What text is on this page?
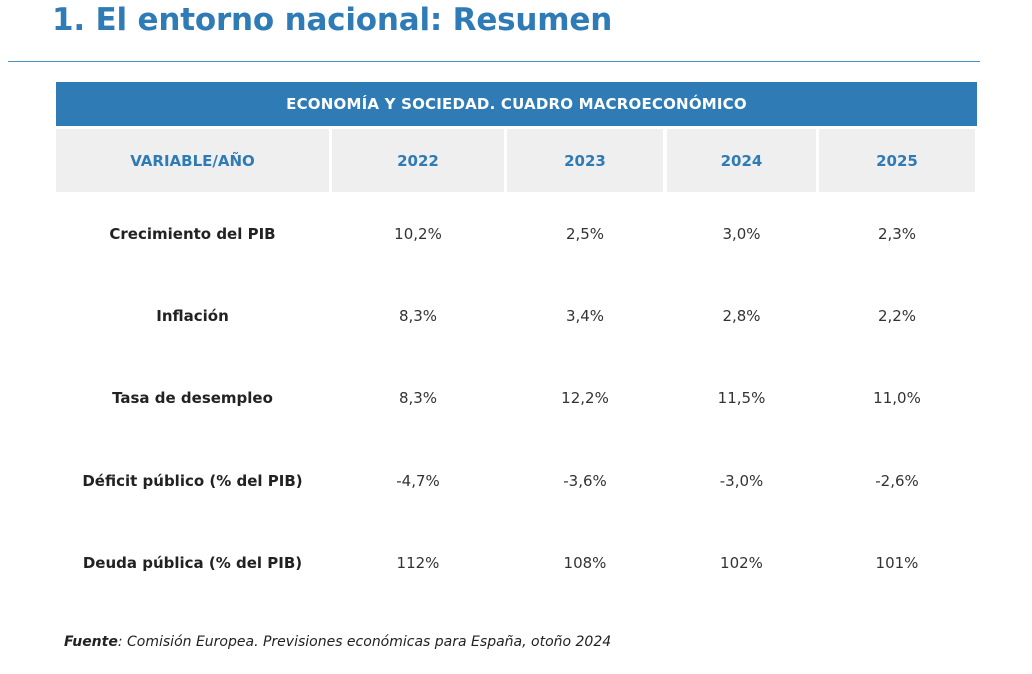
1. El entorno nacional: Resumen
ECONOMÍA Y SOCIEDAD. CUADRO MACROECONÓMICO
VARIABLE/AÑO	2022	2023	2024	2025
Crecimiento del PIB	10,2%	2,5%	3,0%	2,3%
Inflación	8,3%	3,4%	2,8%	2,2%
Tasa de desempleo	8,3%	12,2%	11,5%	11,0%
Déficit público (% del PIB)	-4,7%	-3,6%	-3,0%	-2,6%
Deuda pública (% del PIB)	112%	108%	102%	101%
Fuente: Comisión Europea. Previsiones económicas para España, otoño 2024
